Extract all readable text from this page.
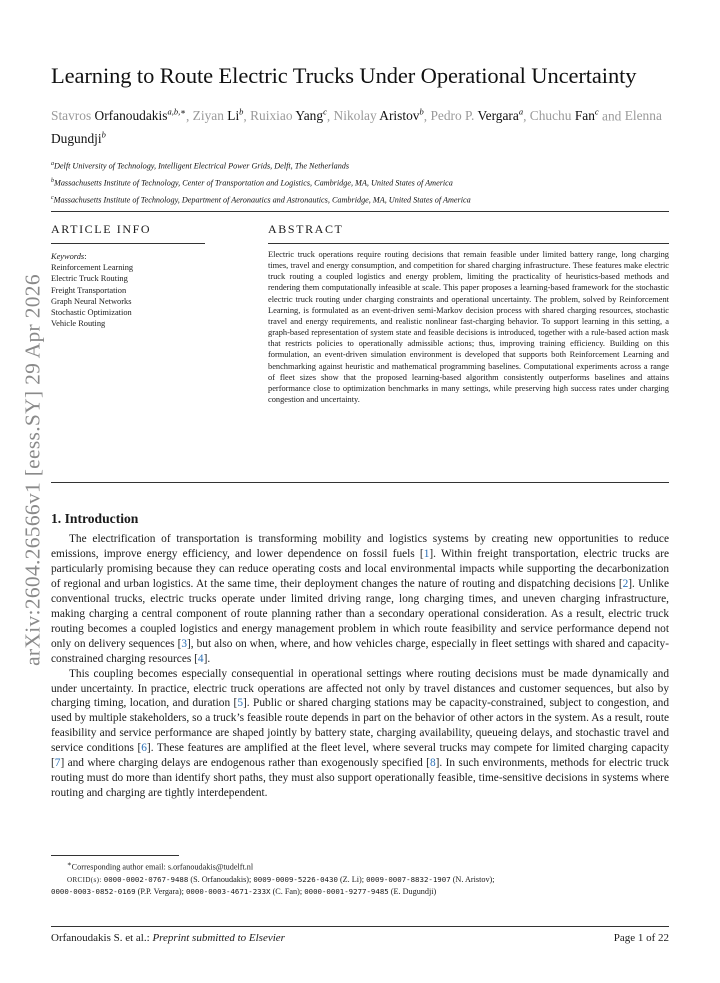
arXiv:2604.26566v1 [eess.SY] 29 Apr 2026
Learning to Route Electric Trucks Under Operational Uncertainty
Stavros Orfanoudakis$^{a,b,∗}$, Ziyan Li$^b$, Ruixiao Yang$^c$, Nikolay Aristov$^b$, Pedro P. Vergara$^a$, Chuchu Fan$^c$ and Elenna Dugundji$^b$
$^a$Delft University of Technology, Intelligent Electrical Power Grids, Delft, The Netherlands
$^b$Massachusetts Institute of Technology, Center of Transportation and Logistics, Cambridge, MA, United States of America
$^c$Massachusetts Institute of Technology, Department of Aeronautics and Astronautics, Cambridge, MA, United States of America
ARTICLE INFO	ABSTRACT
Keywords:
Reinforcement Learning
Electric Truck Routing
Freight Transportation
Graph Neural Networks
Stochastic Optimization
Vehicle Routing
Electric truck operations require routing decisions that remain feasible under limited battery range, long charging times, travel and energy consumption, and competition for shared charging infrastructure. These features make electric truck routing a coupled logistics and energy problem, limiting the practicality of heuristics-based methods and rendering them computationally infeasible at scale. This paper proposes a learning-based framework for the stochastic electric truck routing under charging constraints and operational uncertainty. The problem, solved by Reinforcement Learning, is formulated as an event-driven semi-Markov decision process with shared charging resources, stochastic travel and energy requirements, and realistic nonlinear fast-charging behavior. To support learning in this setting, a graph-based representation of system state and feasible decisions is introduced, together with a rule-based action mask that restricts policies to operationally admissible actions; thus, improving training efficiency. Building on this formulation, an event-driven simulation environment is developed that supports both Reinforcement Learning and benchmarking against heuristic and mathematical programming baselines. Computational experiments across a range of fleet sizes show that the proposed learning-based algorithm consistently outperforms baselines and attains performance close to optimization benchmarks in many settings, while preserving high success rates under charging congestion and uncertainty.
1. Introduction

The electrification of transportation is transforming mobility and logistics systems by creating new opportunities to reduce emissions, improve energy efficiency, and lower dependence on fossil fuels [1]. Within freight transportation, electric trucks are particularly promising because they can reduce operating costs and local environmental impacts while supporting the decarbonization of regional and urban logistics. At the same time, their deployment changes the nature of routing and dispatching decisions [2]. Unlike conventional trucks, electric trucks operate under limited driving range, long charging times, and uneven charging infrastructure, making charging a central component of route planning rather than a secondary operational consideration. As a result, electric truck routing becomes a coupled logistics and energy management problem in which route feasibility and service performance depend not only on delivery sequences [3], but also on when, where, and how vehicles charge, especially in fleet settings with shared and capacity-constrained charging resources [4].

This coupling becomes especially consequential in operational settings where routing decisions must be made dynamically and under uncertainty. In practice, electric truck operations are affected not only by travel distances and customer sequences, but also by charging timing, location, and duration [5]. Public or shared charging stations may be capacity-constrained, subject to congestion, and used by multiple stakeholders, so a truck’s feasible route depends in part on the behavior of other actors in the system. As a result, route feasibility and service performance are shaped jointly by battery state, charging availability, queueing delays, and stochastic travel and service conditions [6]. These features are amplified at the fleet level, where several trucks may compete for limited charging capacity [7] and where charging delays are endogenous rather than exogenously specified [8]. In such environments, methods for electric truck routing must do more than identify short paths, they must also support operationally feasible, time-sensitive decisions in systems where routing and charging are tightly interdependent.

∗Corresponding author email: s.orfanoudakis@tudelft.nl
ORCID(s): 0000-0002-0767-9488 (S. Orfanoudakis); 0009-0009-5226-0430 (Z. Li); 0009-0007-8832-1907 (N. Aristov);
0000-0003-0852-0169 (P.P. Vergara); 0000-0003-4671-233X (C. Fan); 0000-0001-9277-9485 (E. Dugundji)
Orfanoudakis S. et al.: Preprint submitted to Elsevier	Page 1 of 22
